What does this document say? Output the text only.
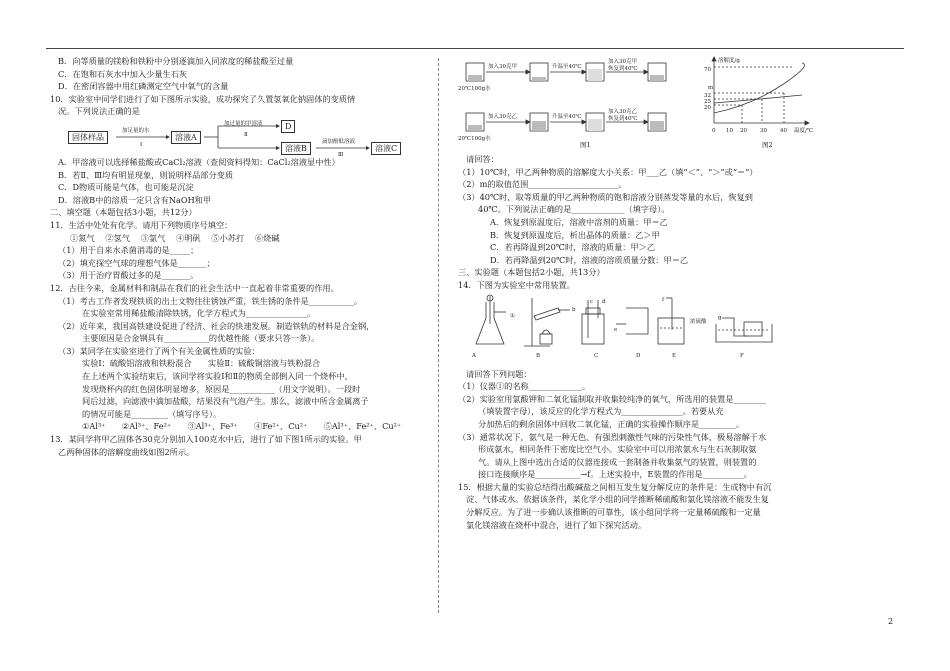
B．向等质量的镁粉和铁粉中分别逐滴加入同浓度的稀盐酸至过量
C．在饱和石灰水中加入少量生石灰
D．在密闭容器中用红磷测定空气中氧气的含量
10．实验室中同学们进行了如下图所示实验，成功探究了久置氢氧化钠固体的变质情
况。下列说法正确的是
固体样品
加足量的水
Ⅰ
溶液A
加过量的甲溶液
Ⅱ
D
溶液B
滴加酚酞溶液
Ⅲ
溶液C
A．甲溶液可以选择稀盐酸或CaCl₂溶液（查阅资料得知：CaCl₂溶液显中性）
B．若Ⅱ、Ⅲ均有明显现象，则说明样品部分变质
C．D物质可能是气体，也可能是沉淀
D．溶液B中的溶质一定只含有NaOH和甲
二、填空题（本题包括3小题，共12分）
11．生活中处处有化学。请用下列物质序号填空：
①氮气　 ②氢气　 ③氯气　 ④明矾　 ⑤小苏打　 ⑥烧碱
（1）用于自来水杀菌消毒的是_____；
（2）填充探空气球的理想气体是_______；
（3）用于治疗胃酸过多的是_______。
12．古往今来，金属材料和制品在我们的社会生活中一直起着非常重要的作用。
（1）考古工作者发现铁质的出土文物往往锈蚀严重，铁生锈的条件是___________。
在实验室常用稀盐酸清除铁锈，化学方程式为_______________。
（2）近年来，我国高铁建设促进了经济、社会的快速发展。制造铁轨的材料是合金钢，
主要原因是合金钢具有___________的优越性能（要求只答一条）。
（3）某同学在实验室进行了两个有关金属性质的实验：
实验Ⅰ：硫酸铝溶液和铁粉混合　　实验Ⅱ：硫酸铜溶液与铁粉混合
在上述两个实验结束后，该同学将实验Ⅰ和Ⅱ的物质全部倒入同一个烧杯中，
发现烧杯内的红色固体明显增多，原因是___________（用文字说明）。一段时
间后过滤，向滤液中滴加盐酸，结果没有气泡产生。那么，滤液中所含金属离子
的情况可能是_________（填写序号）。
①Al³⁺　　②Al³⁺、Fe²⁺　　③Al³⁺、Fe³⁺　　④Fe²⁺、Cu²⁺　　⑤Al³⁺、Fe²⁺、Cu²⁺
13．某同学将甲乙固体各30克分别加入100克水中后，进行了如下图1所示的实验。甲
乙两种固体的溶解度曲线如图2所示。
加入30克甲	升温至40℃
加入30克甲
恢复到40℃
20℃100g水
加入30克乙	升温至40℃
加入30克乙
恢复到40℃
20℃100g水
图1
溶解度/g
70
32
25
20
0 10 20 30 40 温度/℃
m
图2
请回答：
（1）10℃时，甲乙两种物质的溶解度大小关系：甲___乙（填“＜”、“＞”或“＝”）
（2）m的取值范围______________________。
（3）40℃时，取等质量的甲乙两种物质的饱和溶液分别蒸发等量的水后，恢复到
40℃。下列说法正确的是_____________（填字母）。
A．恢复到原温度后，溶液中溶剂的质量：甲＝乙
B．恢复到原温度后，析出晶体的质量：乙＞甲
C．若再降温到20℃时，溶液的质量：甲＞乙
D．若再降温到20℃时，溶液的溶质质量分数：甲＝乙
三、实验题（本题包括2小题，共13分）
14．下图为实验室中常用装置。
A	B	C	D	E	F
①
b
c d
e
f
g
浓硫酸
请回答下列问题：
（1）仪器①的名称_____________。
（2）实验室用氯酸钾和二氧化锰制取并收集较纯净的氧气，所选用的装置是________
（填装置字母），该反应的化学方程式为_______________。若要从充
分加热后的剩余固体中回收二氧化锰，正确的实验操作顺序是_________。
（3）通常状况下，氨气是一种无色、有强烈刺激性气味的污染性气体，极易溶解于水
形成氨水，相同条件下密度比空气小。实验室中可以用浓氨水与生石灰制取氨
气。请从上图中选出合适的仪器连接成一套制备并收集氨气的装置，则装置的
接口连接顺序是___________→f。上述实验中，E装置的作用是__________。
15．根据大量的实验总结得出酸碱盐之间相互发生复分解反应的条件是：生成物中有沉
淀、气体或水。依据该条件，某化学小组的同学推断稀硫酸和氯化镁溶液不能发生复
分解反应。为了进一步确认该推断的可靠性，该小组同学将一定量稀硫酸和一定量
氯化镁溶液在烧杯中混合，进行了如下探究活动。
2
